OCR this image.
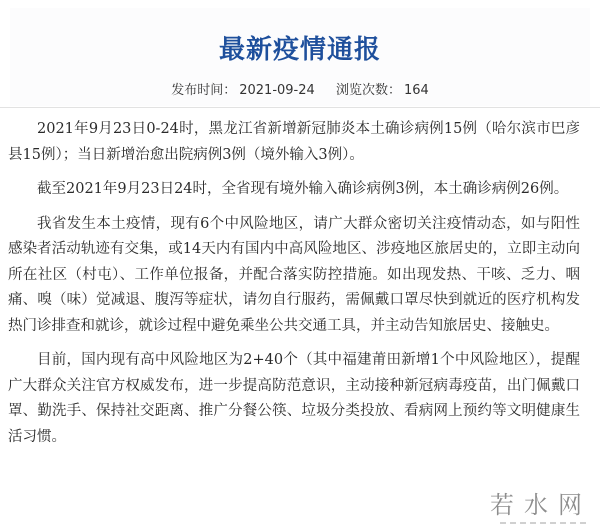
最新疫情通报
发布时间： 2021-09-24 浏览次数： 164

2021年9月23日0-24时，黑龙江省新增新冠肺炎本土确诊病例15例（哈尔滨市巴彦县15例）；当日新增治愈出院病例3例（境外输入3例）。

截至2021年9月23日24时，全省现有境外输入确诊病例3例，本土确诊病例26例。

我省发生本土疫情，现有6个中风险地区，请广大群众密切关注疫情动态，如与阳性感染者活动轨迹有交集，或14天内有国内中高风险地区、涉疫地区旅居史的，立即主动向所在社区（村屯）、工作单位报备，并配合落实防控措施。如出现发热、干咳、乏力、咽痛、嗅（味）觉减退、腹泻等症状，请勿自行服药，需佩戴口罩尽快到就近的医疗机构发热门诊排查和就诊，就诊过程中避免乘坐公共交通工具，并主动告知旅居史、接触史。

目前，国内现有高中风险地区为2+40个（其中福建莆田新增1个中风险地区），提醒广大群众关注官方权威发布，进一步提高防范意识，主动接种新冠病毒疫苗，出门佩戴口罩、勤洗手、保持社交距离、推广分餐公筷、垃圾分类投放、看病网上预约等文明健康生活习惯。

若水网
